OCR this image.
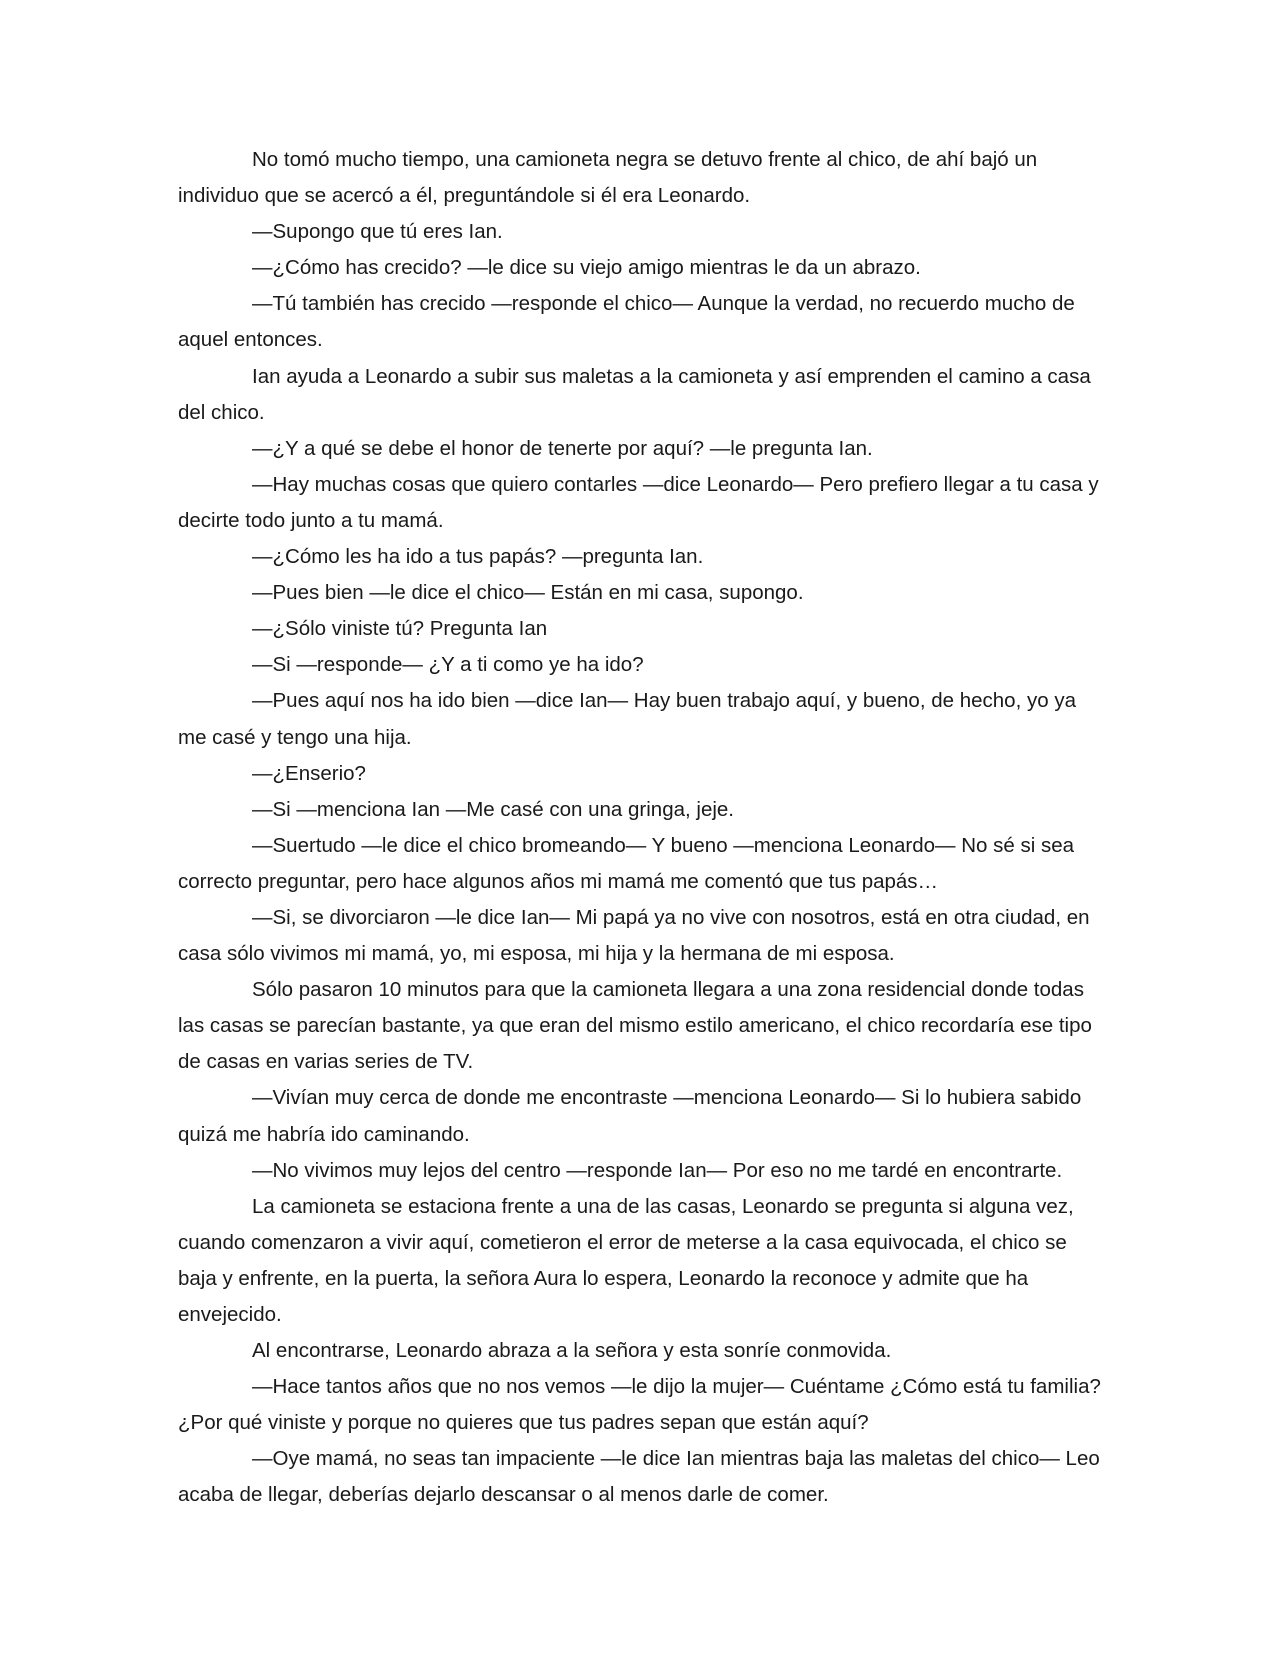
No tomó mucho tiempo, una camioneta negra se detuvo frente al chico, de ahí bajó un individuo que se acercó a él, preguntándole si él era Leonardo.

—Supongo que tú eres Ian.

—¿Cómo has crecido? —le dice su viejo amigo mientras le da un abrazo.

—Tú también has crecido —responde el chico— Aunque la verdad, no recuerdo mucho de aquel entonces.

Ian ayuda a Leonardo a subir sus maletas a la camioneta y así emprenden el camino a casa del chico.

—¿Y a qué se debe el honor de tenerte por aquí? —le pregunta Ian.

—Hay muchas cosas que quiero contarles —dice Leonardo— Pero prefiero llegar a tu casa y decirte todo junto a tu mamá.

—¿Cómo les ha ido a tus papás? —pregunta Ian.

—Pues bien —le dice el chico— Están en mi casa, supongo.

—¿Sólo viniste tú? Pregunta Ian

—Si —responde— ¿Y a ti como ye ha ido?

—Pues aquí nos ha ido bien —dice Ian— Hay buen trabajo aquí, y bueno, de hecho, yo ya me casé y tengo una hija.

—¿Enserio?

—Si —menciona Ian —Me casé con una gringa, jeje.

—Suertudo —le dice el chico bromeando— Y bueno —menciona Leonardo— No sé si sea correcto preguntar, pero hace algunos años mi mamá me comentó que tus papás…

—Si, se divorciaron —le dice Ian— Mi papá ya no vive con nosotros, está en otra ciudad, en casa sólo vivimos mi mamá, yo, mi esposa, mi hija y la hermana de mi esposa.

Sólo pasaron 10 minutos para que la camioneta llegara a una zona residencial donde todas las casas se parecían bastante, ya que eran del mismo estilo americano, el chico recordaría ese tipo de casas en varias series de TV.

—Vivían muy cerca de donde me encontraste —menciona Leonardo— Si lo hubiera sabido quizá me habría ido caminando.

—No vivimos muy lejos del centro —responde Ian— Por eso no me tardé en encontrarte.

La camioneta se estaciona frente a una de las casas, Leonardo se pregunta si alguna vez, cuando comenzaron a vivir aquí, cometieron el error de meterse a la casa equivocada, el chico se baja y enfrente, en la puerta, la señora Aura lo espera, Leonardo la reconoce y admite que ha envejecido.

Al encontrarse, Leonardo abraza a la señora y esta sonríe conmovida.

—Hace tantos años que no nos vemos —le dijo la mujer— Cuéntame ¿Cómo está tu familia? ¿Por qué viniste y porque no quieres que tus padres sepan que están aquí?

—Oye mamá, no seas tan impaciente —le dice Ian mientras baja las maletas del chico— Leo acaba de llegar, deberías dejarlo descansar o al menos darle de comer.
